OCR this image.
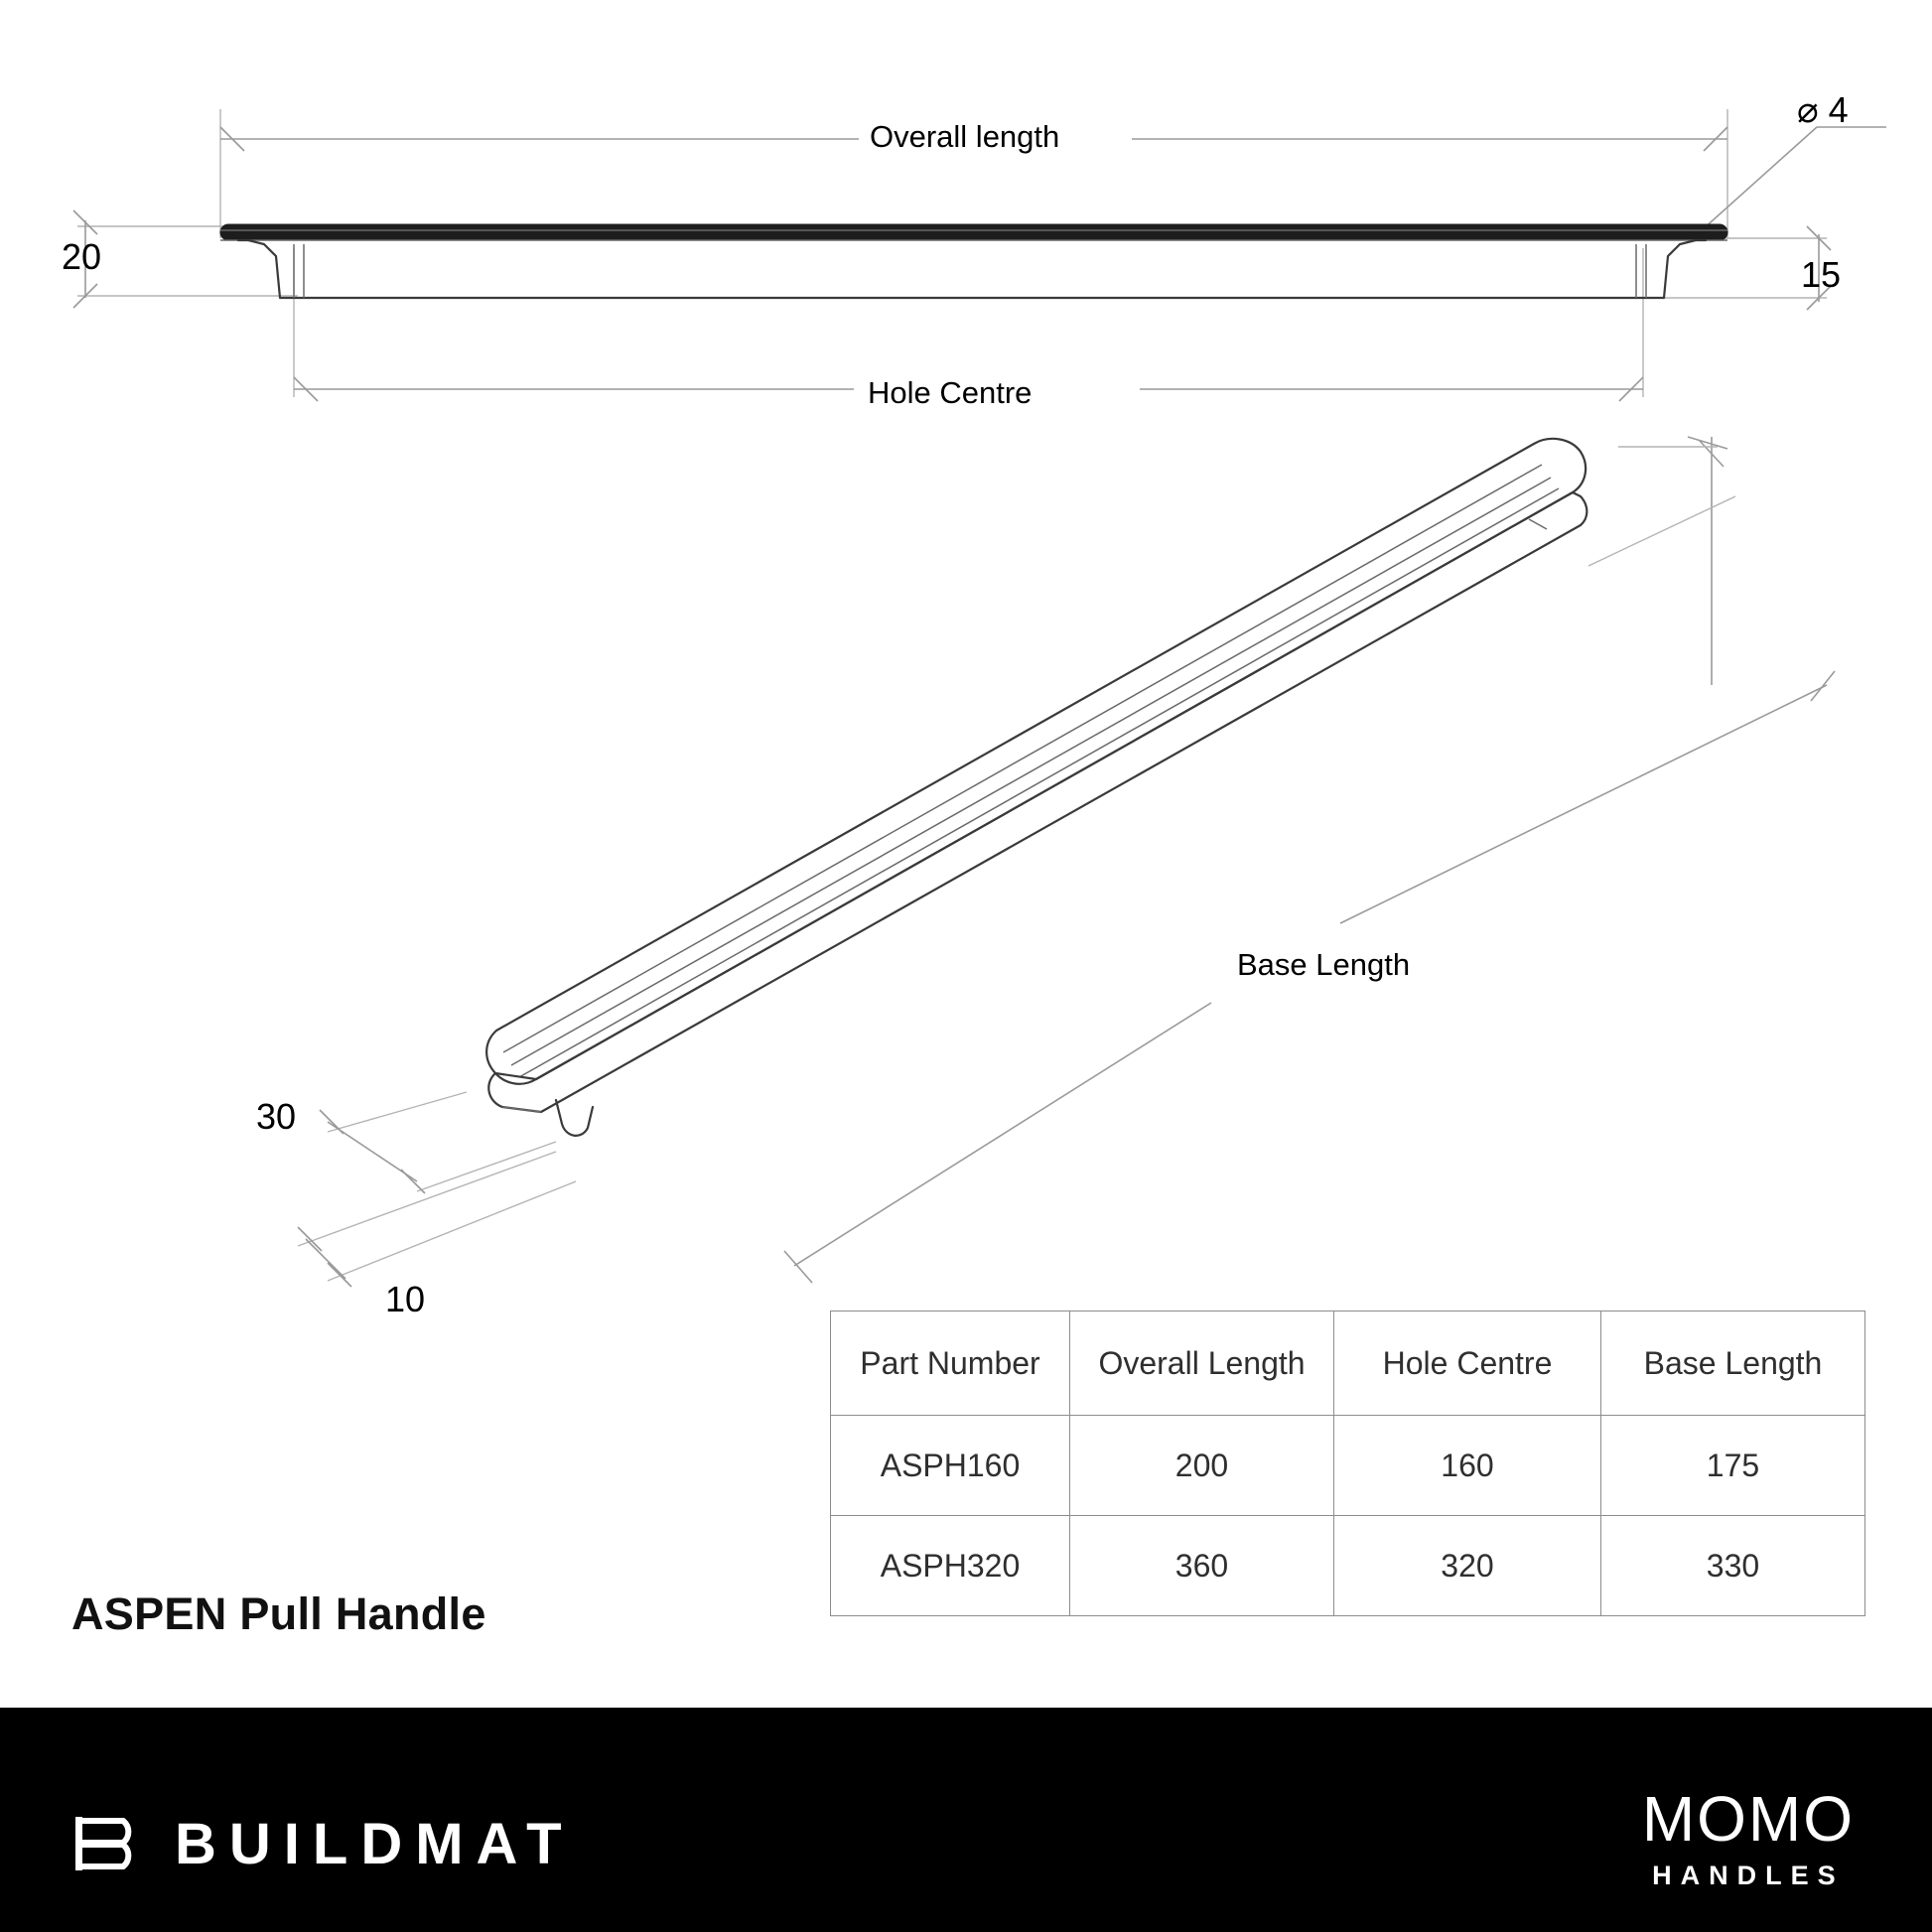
Overall length
Hole Centre
Base Length
⌀ 4
20	15
30
10
ASPEN Pull Handle
Part Number	Overall Length	Hole Centre	Base Length
ASPH160	200	160	175
ASPH320	360	320	330
BUILDMAT	MOMO
HANDLES
